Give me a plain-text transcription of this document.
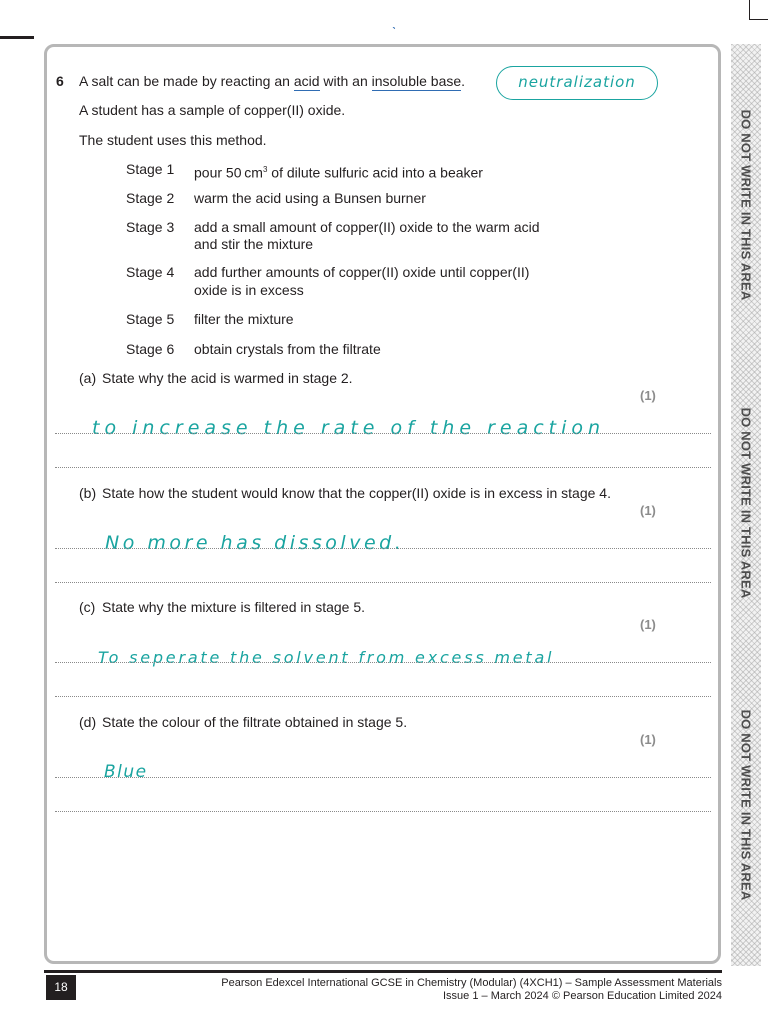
ˎ
DO NOT WRITE IN THIS AREA
DO NOT WRITE IN THIS AREA
DO NOT WRITE IN THIS AREA
6 A salt can be made by reacting an acid with an insoluble base.	neutralization
A student has a sample of copper(II) oxide.
The student uses this method.
Stage 1 pour 50 $cm^3$ of dilute sulfuric acid into a beaker
Stage 2 warm the acid using a Bunsen burner
Stage 3 add a small amount of copper(II) oxide to the warm acid
and stir the mixture
Stage 4 add further amounts of copper(II) oxide until copper(II)
oxide is in excess
Stage 5 filter the mixture
Stage 6 obtain crystals from the filtrate
(a) State why the acid is warmed in stage 2.
(1)
to increase the rate of the reaction
(b) State how the student would know that the copper(II) oxide is in excess in stage 4.
(1)
No more has dissolved.
(c) State why the mixture is filtered in stage 5.
(1)
To seperate the solvent from excess metal
(d) State the colour of the filtrate obtained in stage 5.
(1)
Blue
18	Pearson Edexcel International GCSE in Chemistry (Modular) (4XCH1) – Sample Assessment Materials
Issue 1 – March 2024 © Pearson Education Limited 2024
